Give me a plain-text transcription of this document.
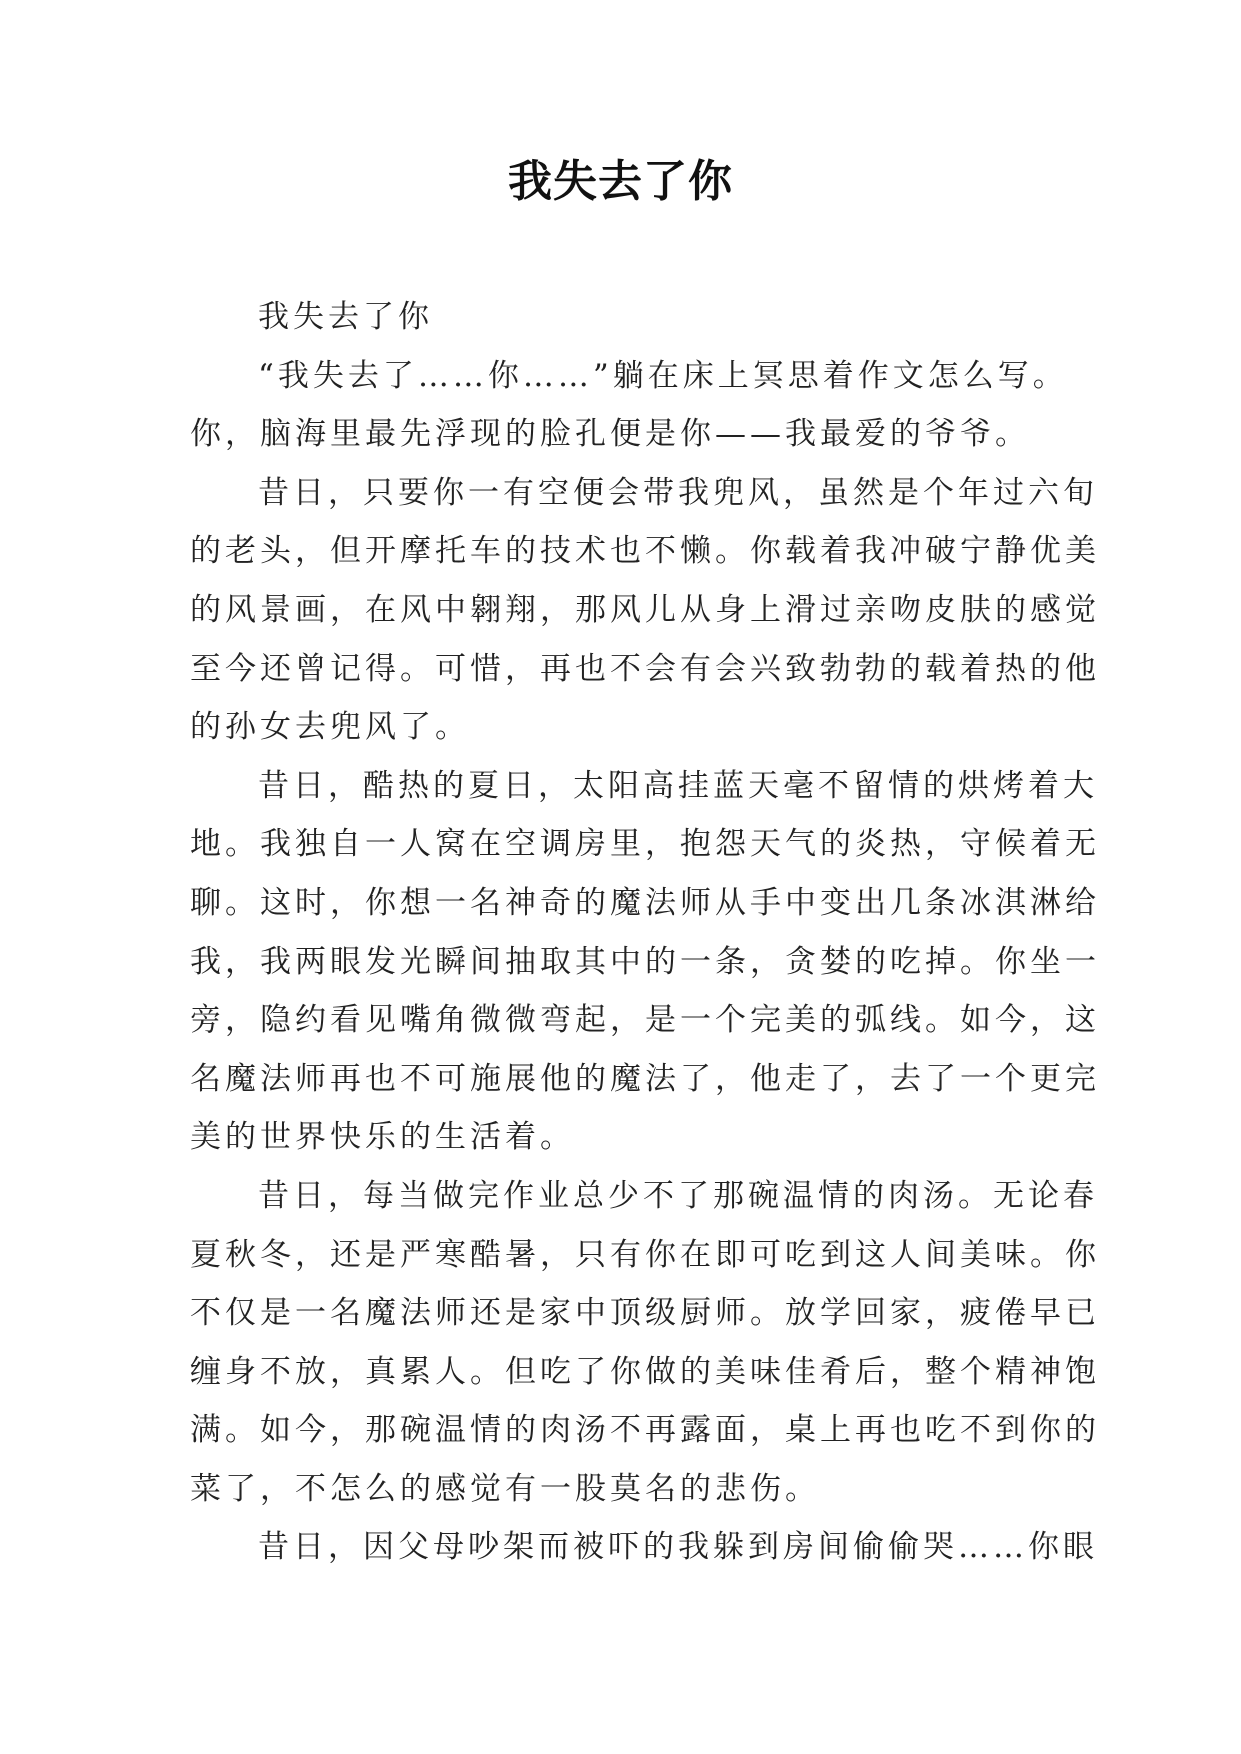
我失去了你
我失去了你
“我失去了……你……”躺在床上冥思着作文怎么写。
你，脑海里最先浮现的脸孔便是你——我最爱的爷爷。
昔日，只要你一有空便会带我兜风，虽然是个年过六旬
的老头，但开摩托车的技术也不懒。你载着我冲破宁静优美
的风景画，在风中翱翔，那风儿从身上滑过亲吻皮肤的感觉
至今还曾记得。可惜，再也不会有会兴致勃勃的载着热的他
的孙女去兜风了。
昔日，酷热的夏日，太阳高挂蓝天毫不留情的烘烤着大
地。我独自一人窝在空调房里，抱怨天气的炎热，守候着无
聊。这时，你想一名神奇的魔法师从手中变出几条冰淇淋给
我，我两眼发光瞬间抽取其中的一条，贪婪的吃掉。你坐一
旁，隐约看见嘴角微微弯起，是一个完美的弧线。如今，这
名魔法师再也不可施展他的魔法了，他走了，去了一个更完
美的世界快乐的生活着。
昔日，每当做完作业总少不了那碗温情的肉汤。无论春
夏秋冬，还是严寒酷暑，只有你在即可吃到这人间美味。你
不仅是一名魔法师还是家中顶级厨师。放学回家，疲倦早已
缠身不放，真累人。但吃了你做的美味佳肴后，整个精神饱
满。如今，那碗温情的肉汤不再露面，桌上再也吃不到你的
菜了，不怎么的感觉有一股莫名的悲伤。
昔日，因父母吵架而被吓的我躲到房间偷偷哭……你眼
